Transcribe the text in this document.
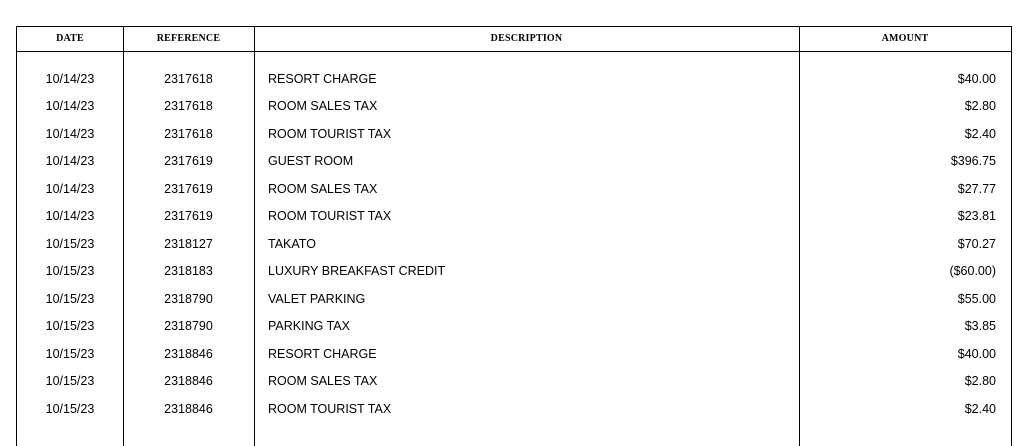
DATE	REFERENCE	DESCRIPTION	AMOUNT
10/14/23	2317618	RESORT CHARGE	$40.00
10/14/23	2317618	ROOM SALES TAX	$2.80
10/14/23	2317618	ROOM TOURIST TAX	$2.40
10/14/23	2317619	GUEST ROOM	$396.75
10/14/23	2317619	ROOM SALES TAX	$27.77
10/14/23	2317619	ROOM TOURIST TAX	$23.81
10/15/23	2318127	TAKATO	$70.27
10/15/23	2318183	LUXURY BREAKFAST CREDIT	($60.00)
10/15/23	2318790	VALET PARKING	$55.00
10/15/23	2318790	PARKING TAX	$3.85
10/15/23	2318846	RESORT CHARGE	$40.00
10/15/23	2318846	ROOM SALES TAX	$2.80
10/15/23	2318846	ROOM TOURIST TAX	$2.40
